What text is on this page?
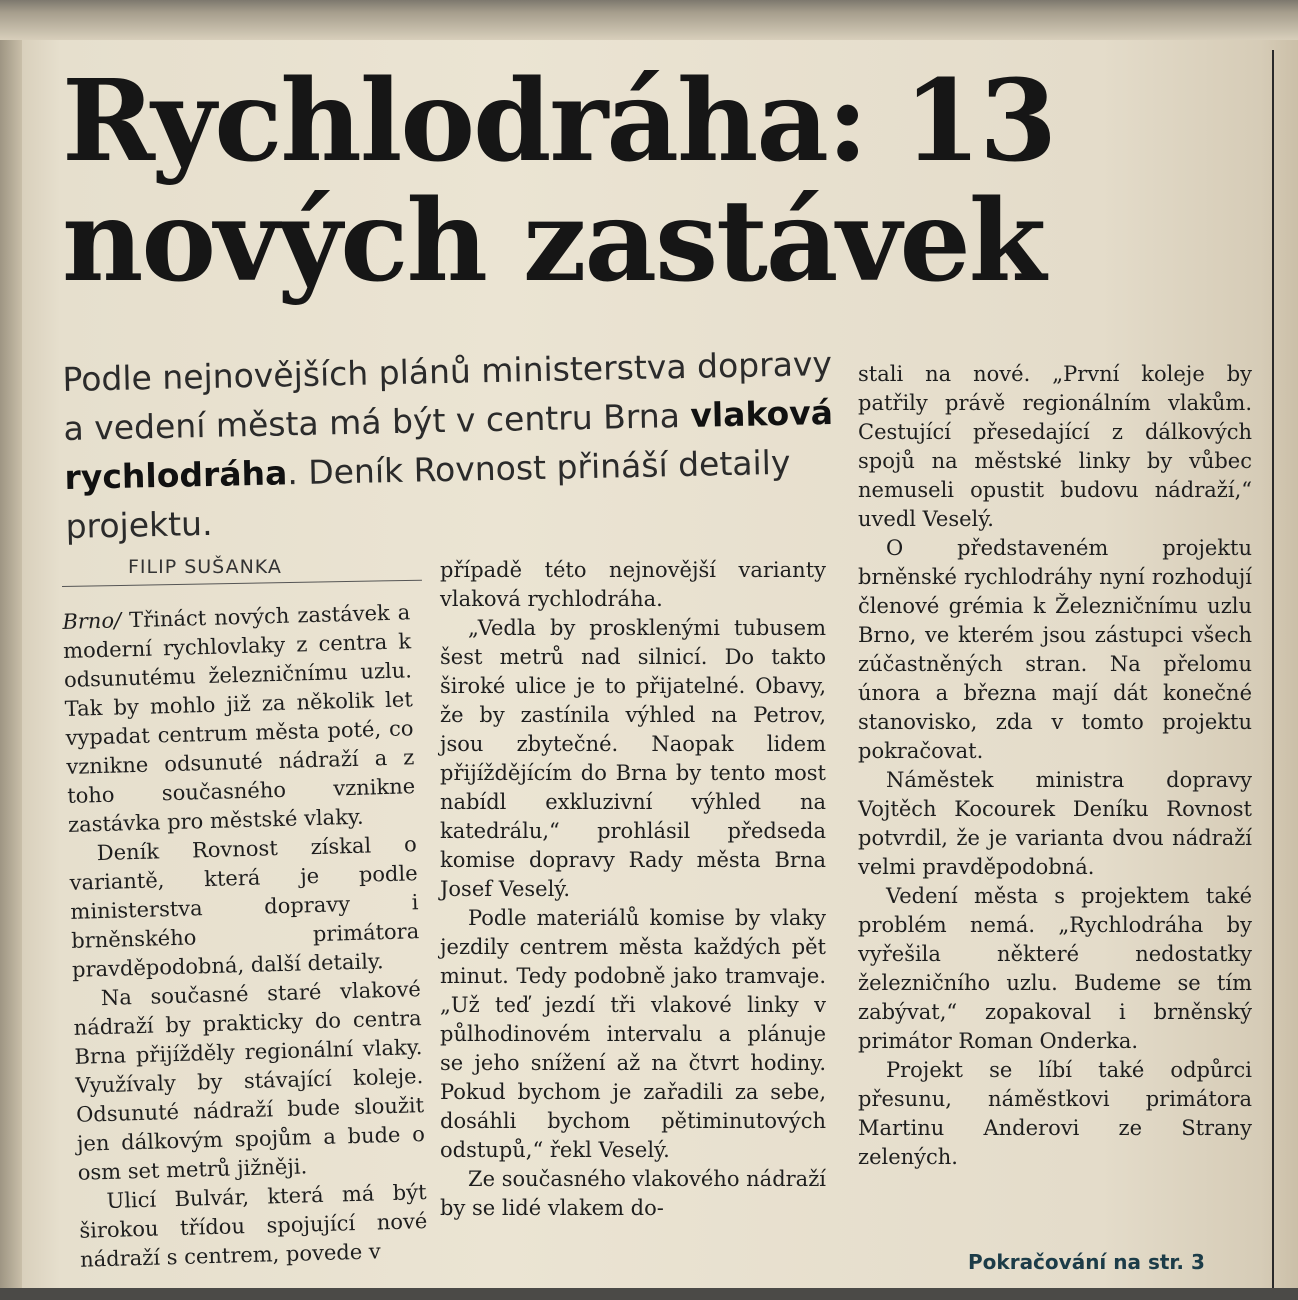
Rychlodráha: 13
nových zastávek
Podle nejnovějších plánů ministerstva dopravy a vedení města má být v centru Brna vlaková rychlodráha. Deník Rovnost přináší detaily projektu.
FILIP SUŠANKA

Brno/ Třináct nových zastávek a moderní rychlovlaky z centra k odsunutému železničnímu uzlu. Tak by mohlo již za několik let vypadat centrum města poté, co vznikne odsunuté nádraží a z toho současného vznikne zastávka pro městské vlaky.

Deník Rovnost získal o variantě, která je podle ministerstva dopravy i brněnského primátora pravděpodobná, další detaily.

Na současné staré vlakové nádraží by prakticky do centra Brna přijížděly regionální vlaky. Využívaly by stávající koleje. Odsunuté nádraží bude sloužit jen dálkovým spojům a bude o osm set metrů jižněji.

Ulicí Bulvár, která má být širokou třídou spojující nové nádraží s centrem, povede v

případě této nejnovější varianty vlaková rychlodráha.

„Vedla by prosklenými tubusem šest metrů nad silnicí. Do takto široké ulice je to přijatelné. Obavy, že by zastínila výhled na Petrov, jsou zbytečné. Naopak lidem přijíždějícím do Brna by tento most nabídl exkluzivní výhled na katedrálu,“ prohlásil předseda komise dopravy Rady města Brna Josef Veselý.

Podle materiálů komise by vlaky jezdily centrem města každých pět minut. Tedy podobně jako tramvaje. „Už teď jezdí tři vlakové linky v půlhodinovém intervalu a plánuje se jeho snížení až na čtvrt hodiny. Pokud bychom je zařadili za sebe, dosáhli bychom pětiminutových odstupů,“ řekl Veselý.

Ze současného vlakového nádraží by se lidé vlakem do-

stali na nové. „První koleje by patřily právě regionálním vlakům. Cestující přesedající z dálkových spojů na městské linky by vůbec nemuseli opustit budovu nádraží,“ uvedl Veselý.

O představeném projektu brněnské rychlodráhy nyní rozhodují členové grémia k Železničnímu uzlu Brno, ve kterém jsou zástupci všech zúčastněných stran. Na přelomu února a března mají dát konečné stanovisko, zda v tomto projektu pokračovat.

Náměstek ministra dopravy Vojtěch Kocourek Deníku Rovnost potvrdil, že je varianta dvou nádraží velmi pravděpodobná.

Vedení města s projektem také problém nemá. „Rychlodráha by vyřešila některé nedostatky železničního uzlu. Budeme se tím zabývat,“ zopakoval i brněnský primátor Roman Onderka.

Projekt se líbí také odpůrci přesunu, náměstkovi primátora Martinu Anderovi ze Strany zelených.

Pokračování na str. 3
